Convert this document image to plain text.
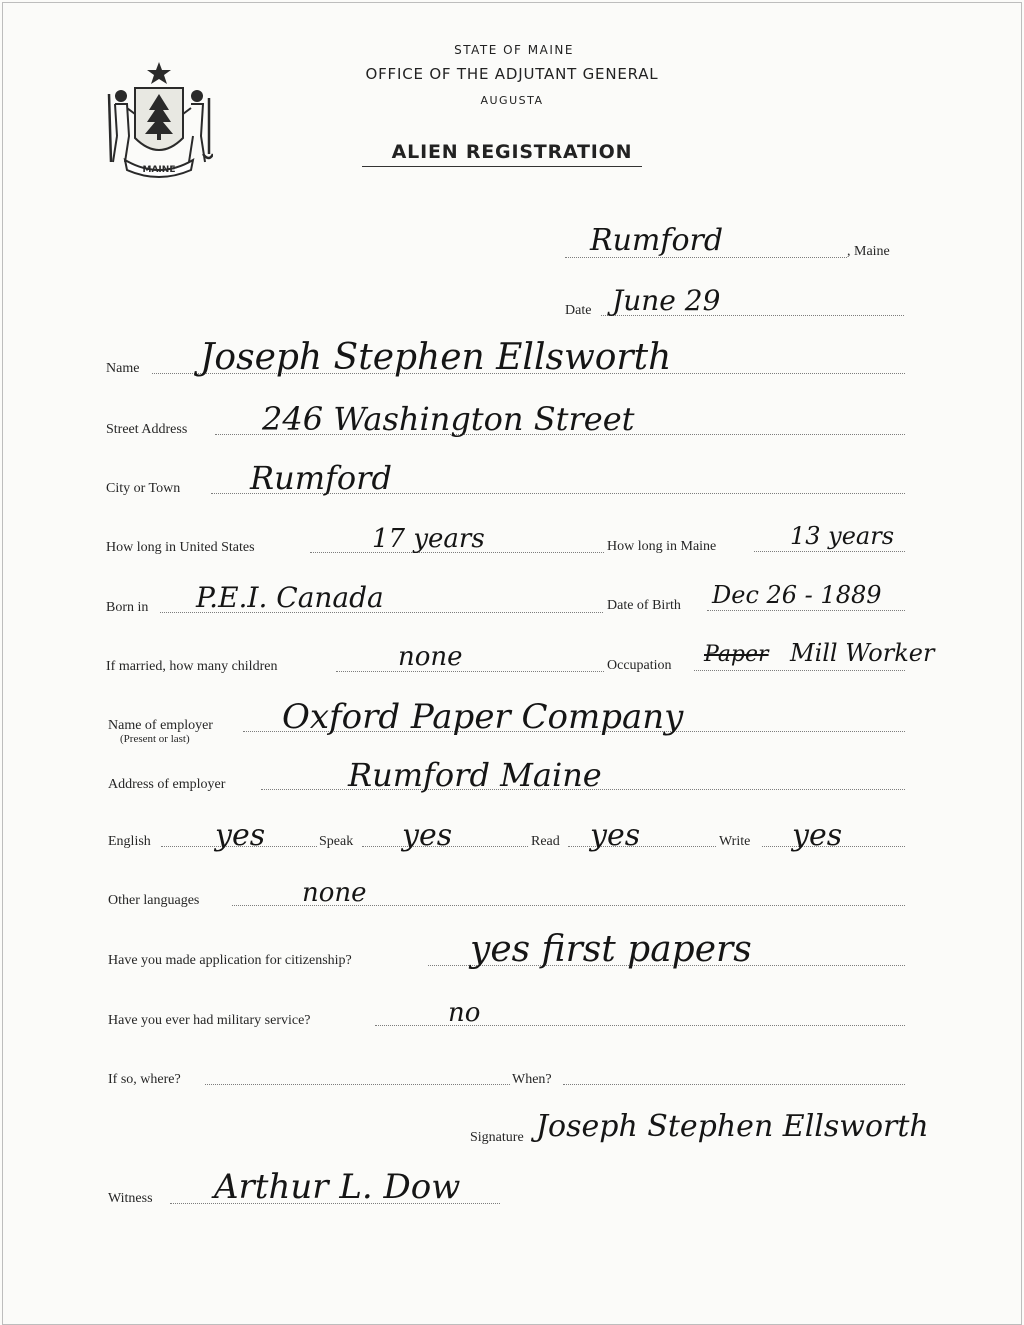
MAINE
STATE OF MAINE
OFFICE OF THE ADJUTANT GENERAL
AUGUSTA
ALIEN REGISTRATION
Rumford	, Maine
Date June 29
Name Joseph Stephen Ellsworth
Street Address 246 Washington Street
City or Town Rumford
How long in United States	17 years	How long in Maine	13 years
Born in P.E.I. Canada	Date of Birth Dec 26 - 1889
If married, how many children	none	Occupation Paper Mill Worker
Name of employer
(Present or last)
Oxford Paper Company
Address of employer	Rumford Maine
English yes	Speak yes	Read yes	Write yes
Other languages	none
Have you made application for citizenship?	yes first papers
Have you ever had military service?	no
If so, where?	When?
Signature Joseph Stephen Ellsworth
Witness Arthur L. Dow
